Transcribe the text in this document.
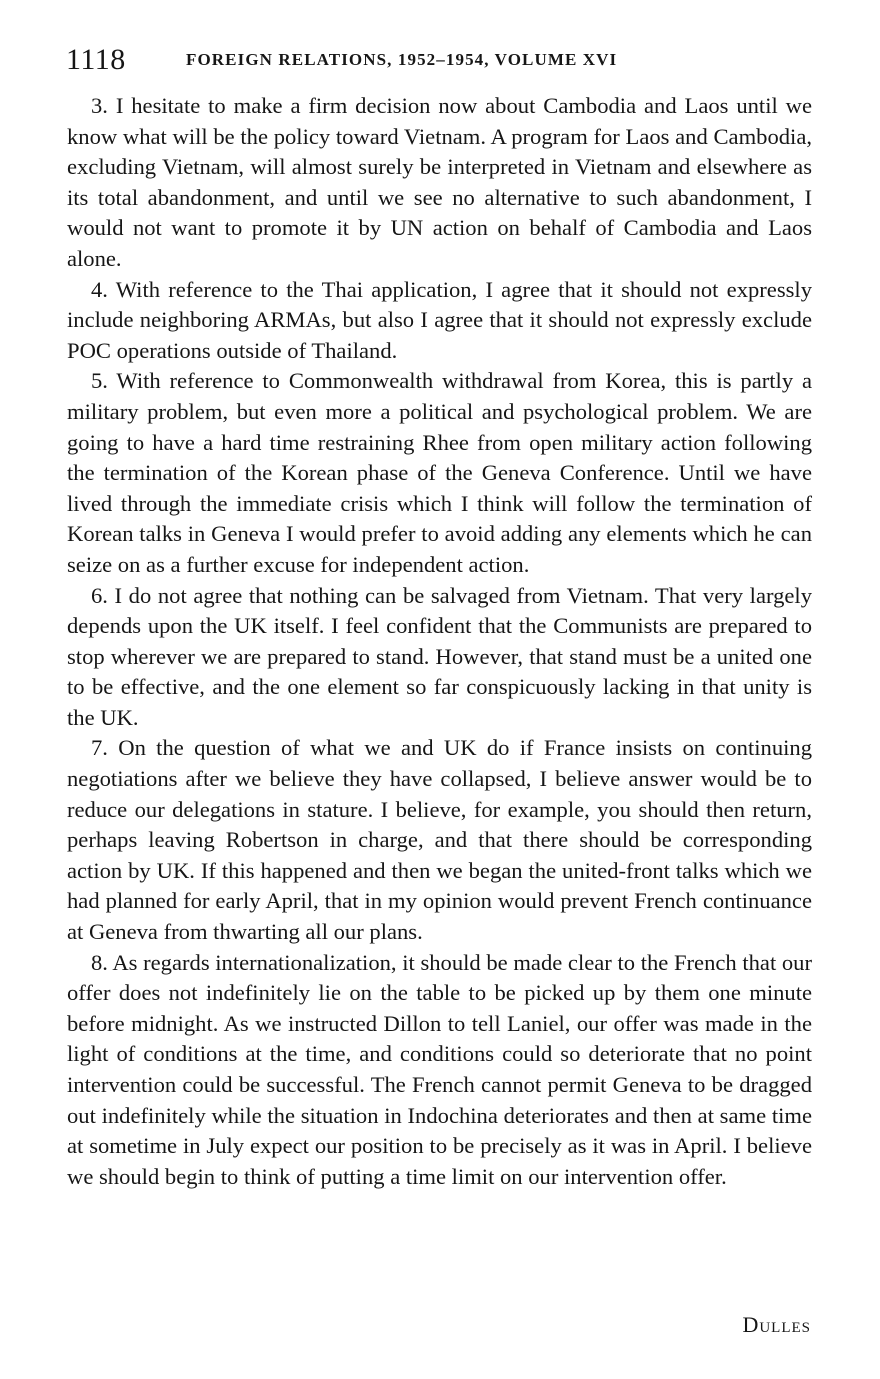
1118	FOREIGN RELATIONS, 1952–1954, VOLUME XVI

3. I hesitate to make a firm decision now about Cambodia and Laos until we know what will be the policy toward Vietnam. A program for Laos and Cambodia, excluding Vietnam, will almost surely be interpreted in Vietnam and elsewhere as its total abandonment, and until we see no alternative to such abandonment, I would not want to promote it by UN action on behalf of Cambodia and Laos alone.

4. With reference to the Thai application, I agree that it should not expressly include neighboring ARMAs, but also I agree that it should not expressly exclude POC operations outside of Thailand.

5. With reference to Commonwealth withdrawal from Korea, this is partly a military problem, but even more a political and psychological problem. We are going to have a hard time restraining Rhee from open military action following the termination of the Korean phase of the Geneva Conference. Until we have lived through the immediate crisis which I think will follow the termination of Korean talks in Geneva I would prefer to avoid adding any elements which he can seize on as a further excuse for independent action.

6. I do not agree that nothing can be salvaged from Vietnam. That very largely depends upon the UK itself. I feel confident that the Communists are prepared to stop wherever we are prepared to stand. However, that stand must be a united one to be effective, and the one element so far conspicuously lacking in that unity is the UK.

7. On the question of what we and UK do if France insists on continuing negotiations after we believe they have collapsed, I believe answer would be to reduce our delegations in stature. I believe, for example, you should then return, perhaps leaving Robertson in charge, and that there should be corresponding action by UK. If this happened and then we began the united-front talks which we had planned for early April, that in my opinion would prevent French continuance at Geneva from thwarting all our plans.

8. As regards internationalization, it should be made clear to the French that our offer does not indefinitely lie on the table to be picked up by them one minute before midnight. As we instructed Dillon to tell Laniel, our offer was made in the light of conditions at the time, and conditions could so deteriorate that no point intervention could be successful. The French cannot permit Geneva to be dragged out indefinitely while the situation in Indochina deteriorates and then at same time at sometime in July expect our position to be precisely as it was in April. I believe we should begin to think of putting a time limit on our intervention offer.

Dulles
